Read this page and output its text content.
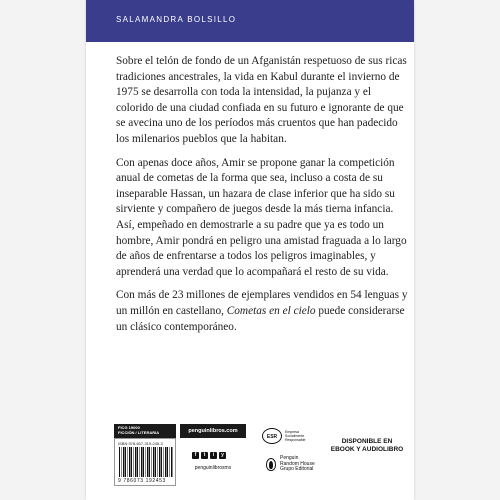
SALAMANDRA BOLSILLO

Sobre el telón de fondo de un Afganistán respetuoso de sus ricas tradiciones ancestrales, la vida en Kabul durante el invierno de 1975 se desarrolla con toda la intensidad, la pujanza y el colorido de una ciudad confiada en su futuro e ignorante de que se avecina uno de los períodos más cruentos que han padecido los milenarios pueblos que la habitan.

Con apenas doce años, Amir se propone ganar la competición anual de cometas de la forma que sea, incluso a costa de su inseparable Hassan, un hazara de clase inferior que ha sido su sirviente y compañero de juegos desde la más tierna infancia. Así, empeñado en demostrarle a su padre que ya es todo un hombre, Amir pondrá en peligro una amistad fraguada a lo largo de años de enfrentarse a todos los peligros imaginables, y aprenderá una verdad que lo acompañará el resto de su vida.

Con más de 23 millones de ejemplares vendidos en 54 lenguas y un millón en castellano, Cometas en el cielo puede considerarse un clásico contemporáneo.

FICG 19000
FICCIÓN / LITERARIA
ISBN 978-607-319-245-3
9 786073 192453
penguinlibros.com
f	t	i	y
penguinlibrosmx
ESR
Empresa
Socialmente
Responsable
Penguin
Random House
Grupo Editorial
DISPONIBLE EN
EBOOK Y AUDIOLIBRO
